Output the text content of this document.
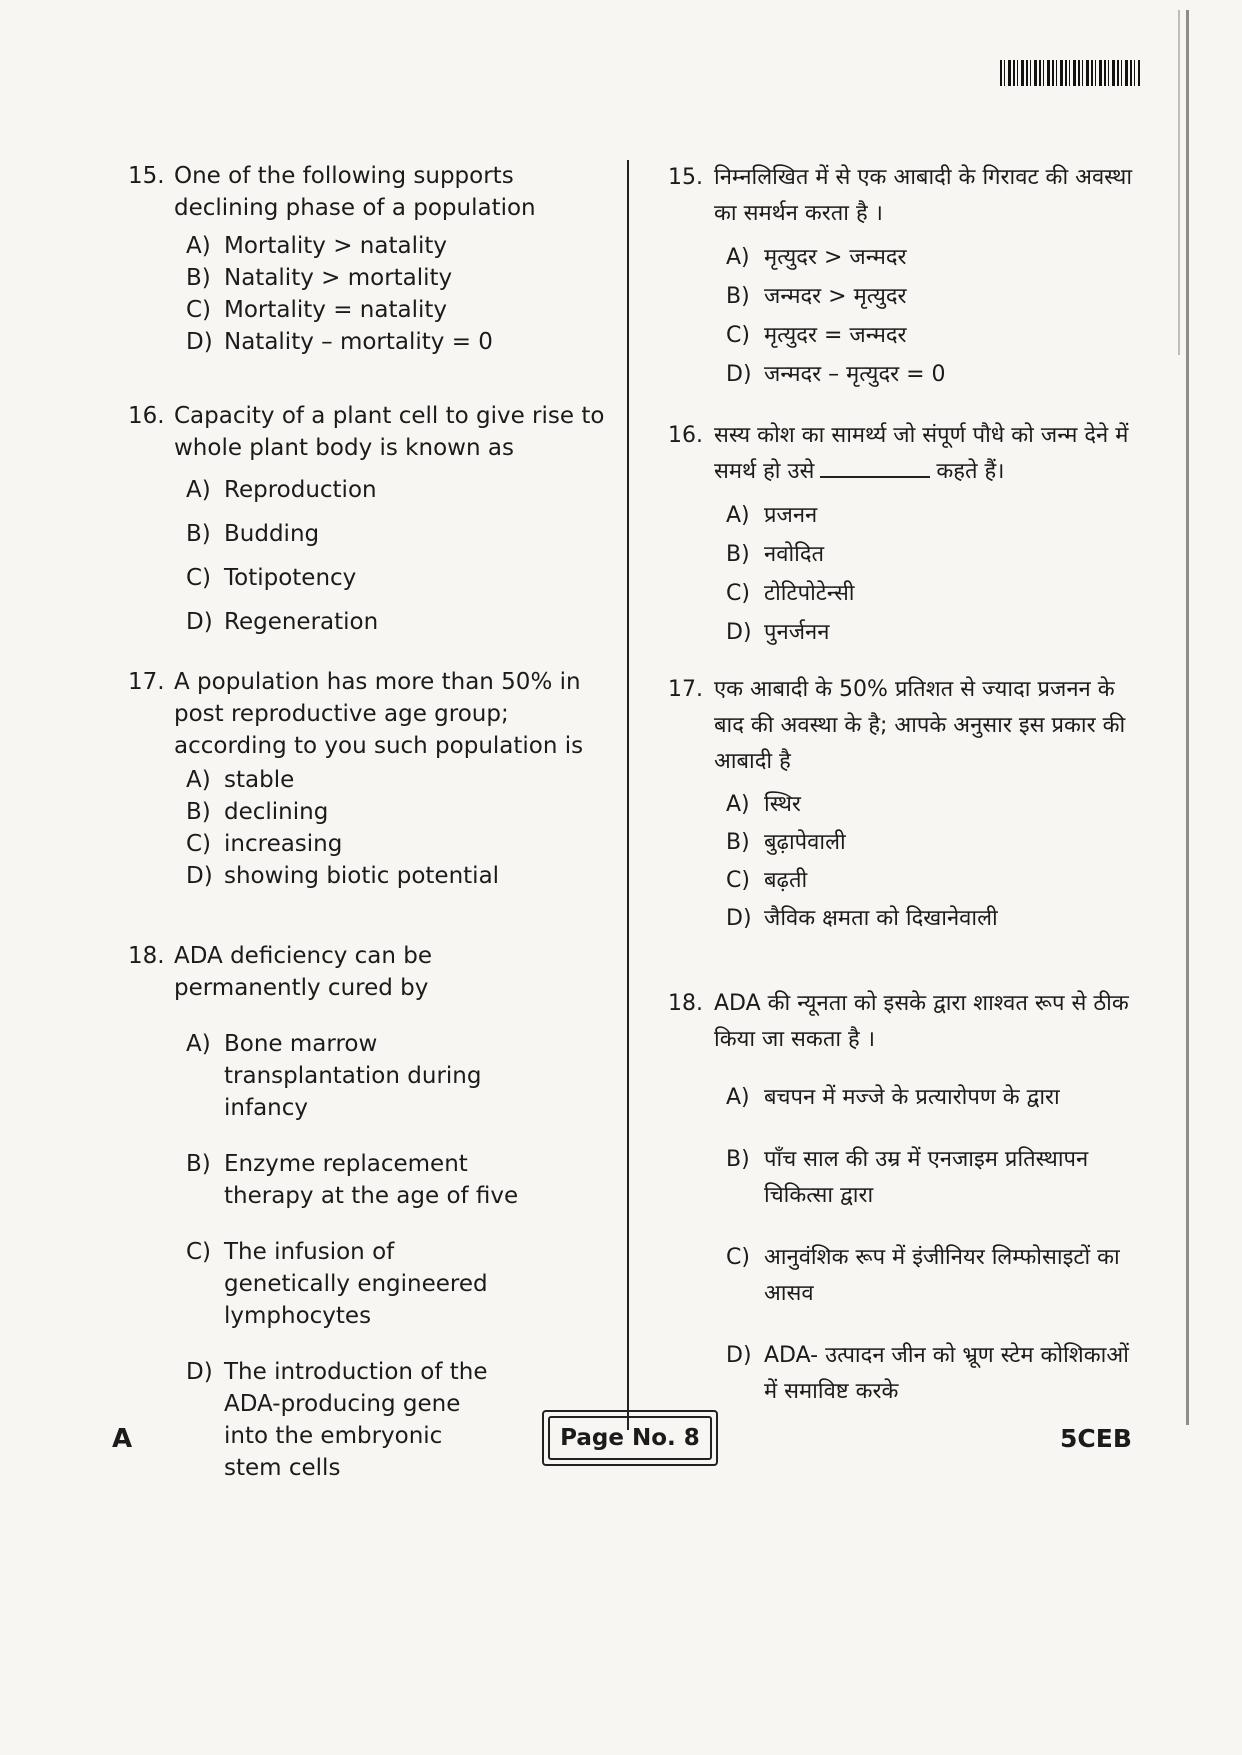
15. One of the following supports declining phase of a population
A) Mortality > natality
B) Natality > mortality
C) Mortality = natality
D) Natality – mortality = 0
16. Capacity of a plant cell to give rise to whole plant body is known as
A) Reproduction
B) Budding
C) Totipotency
D) Regeneration
17. A population has more than 50% in post reproductive age group; according to you such population is
A) stable
B) declining
C) increasing
D) showing biotic potential
18. ADA deficiency can be permanently cured by
A) Bone marrow transplantation during infancy
B) Enzyme replacement therapy at the age of five
C) The infusion of genetically engineered lymphocytes
D) The introduction of the ADA-producing gene into the embryonic stem cells
15. निम्नलिखित में से एक आबादी के गिरावट की अवस्था का समर्थन करता है ।
A) मृत्युदर > जन्मदर
B) जन्मदर > मृत्युदर
C) मृत्युदर = जन्मदर
D) जन्मदर – मृत्युदर = 0
16. सस्य कोश का सामर्थ्य जो संपूर्ण पौधे को जन्म देने में समर्थ हो उसे	कहते हैं।
A) प्रजनन
B) नवोदित
C) टोटिपोटेन्सी
D) पुनर्जनन
17. एक आबादी के 50% प्रतिशत से ज्यादा प्रजनन के बाद की अवस्था के है; आपके अनुसार इस प्रकार की आबादी है
A) स्थिर
B) बुढ़ापेवाली
C) बढ़ती
D) जैविक क्षमता को दिखानेवाली
18. ADA की न्यूनता को इसके द्वारा शाश्वत रूप से ठीक किया जा सकता है ।
A) बचपन में मज्जे के प्रत्यारोपण के द्वारा
B) पाँच साल की उम्र में एनजाइम प्रतिस्थापन चिकित्सा द्वारा
C) आनुवंशिक रूप में इंजीनियर लिम्फोसाइटों का आसव
D) ADA- उत्पादन जीन को भ्रूण स्टेम कोशिकाओं में समाविष्ट करके
A	Page No. 8	5CEB
